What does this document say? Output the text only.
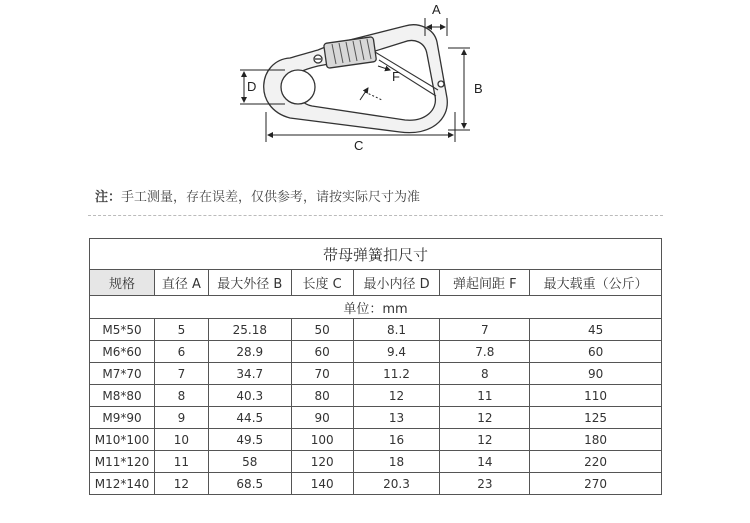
A
B
C
D
F
注：手工测量，存在误差，仅供参考，请按实际尺寸为准
带母弹簧扣尺寸						
规格	直径 A	最大外径 B	长度 C	最小内径 D	弹起间距 F	最大载重（公斤）
单位：mm						
M5*50	5	25.18	50	8.1	7	45
M6*60	6	28.9	60	9.4	7.8	60
M7*70	7	34.7	70	11.2	8	90
M8*80	8	40.3	80	12	11	110
M9*90	9	44.5	90	13	12	125
M10*100	10	49.5	100	16	12	180
M11*120	11	58	120	18	14	220
M12*140	12	68.5	140	20.3	23	270
